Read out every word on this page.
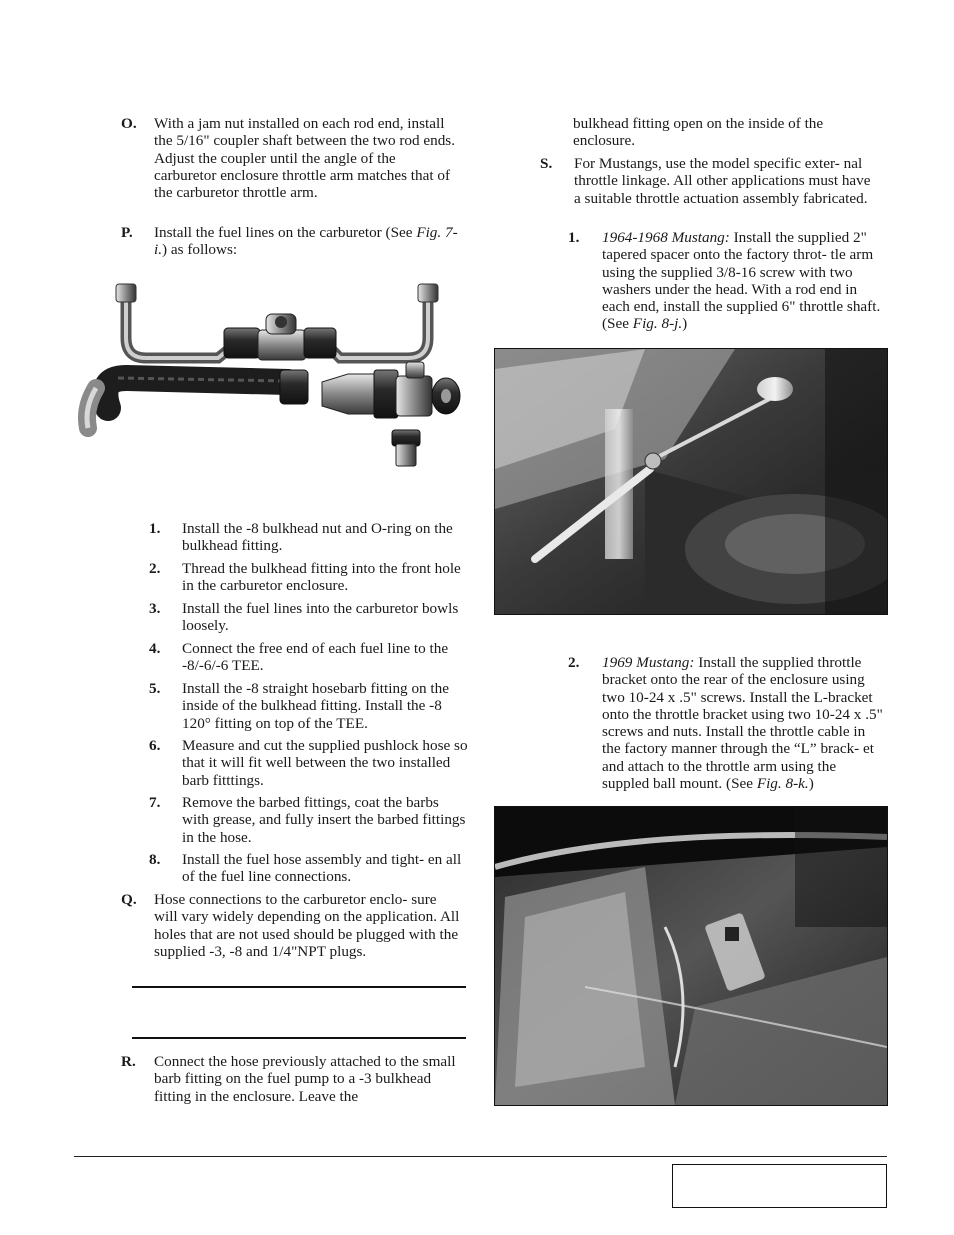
O. With a jam nut installed on each rod end, install the 5/16" coupler shaft between the two rod ends. Adjust the coupler until the angle of the carburetor enclosure throttle arm matches that of the carburetor throttle arm.
P. Install the fuel lines on the carburetor (See Fig. 7-i.) as follows:
1. Install the -8 bulkhead nut and O-ring on the bulkhead fitting.
2. Thread the bulkhead fitting into the front hole in the carburetor enclosure.
3. Install the fuel lines into the carburetor bowls loosely.
4. Connect the free end of each fuel line to the -8/-6/-6 TEE.
5. Install the -8 straight hosebarb fitting on the inside of the bulkhead fitting. Install the -8 120° fitting on top of the TEE.
6. Measure and cut the supplied pushlock hose so that it will fit well between the two installed barb fitttings.
7. Remove the barbed fittings, coat the barbs with grease, and fully insert the barbed fittings in the hose.
8. Install the fuel hose assembly and tight- en all of the fuel line connections.
Q. Hose connections to the carburetor enclo- sure will vary widely depending on the application. All holes that are not used should be plugged with the supplied -3, -8 and 1/4"NPT plugs.
R. Connect the hose previously attached to the small barb fitting on the fuel pump to a -3 bulkhead fitting in the enclosure. Leave the
bulkhead fitting open on the inside of the enclosure.
S. For Mustangs, use the model specific exter- nal throttle linkage. All other applications must have a suitable throttle actuation assembly fabricated.
1. 1964-1968 Mustang: Install the supplied 2" tapered spacer onto the factory throt- tle arm using the supplied 3/8-16 screw with two washers under the head. With a rod end in each end, install the supplied 6" throttle shaft. (See Fig. 8-j.)
2. 1969 Mustang: Install the supplied throttle bracket onto the rear of the enclosure using two 10-24 x .5" screws. Install the L-bracket onto the throttle bracket using two 10-24 x .5" screws and nuts. Install the throttle cable in the factory manner through the “L” brack- et and attach to the throttle arm using the suppled ball mount. (See Fig. 8-k.)
